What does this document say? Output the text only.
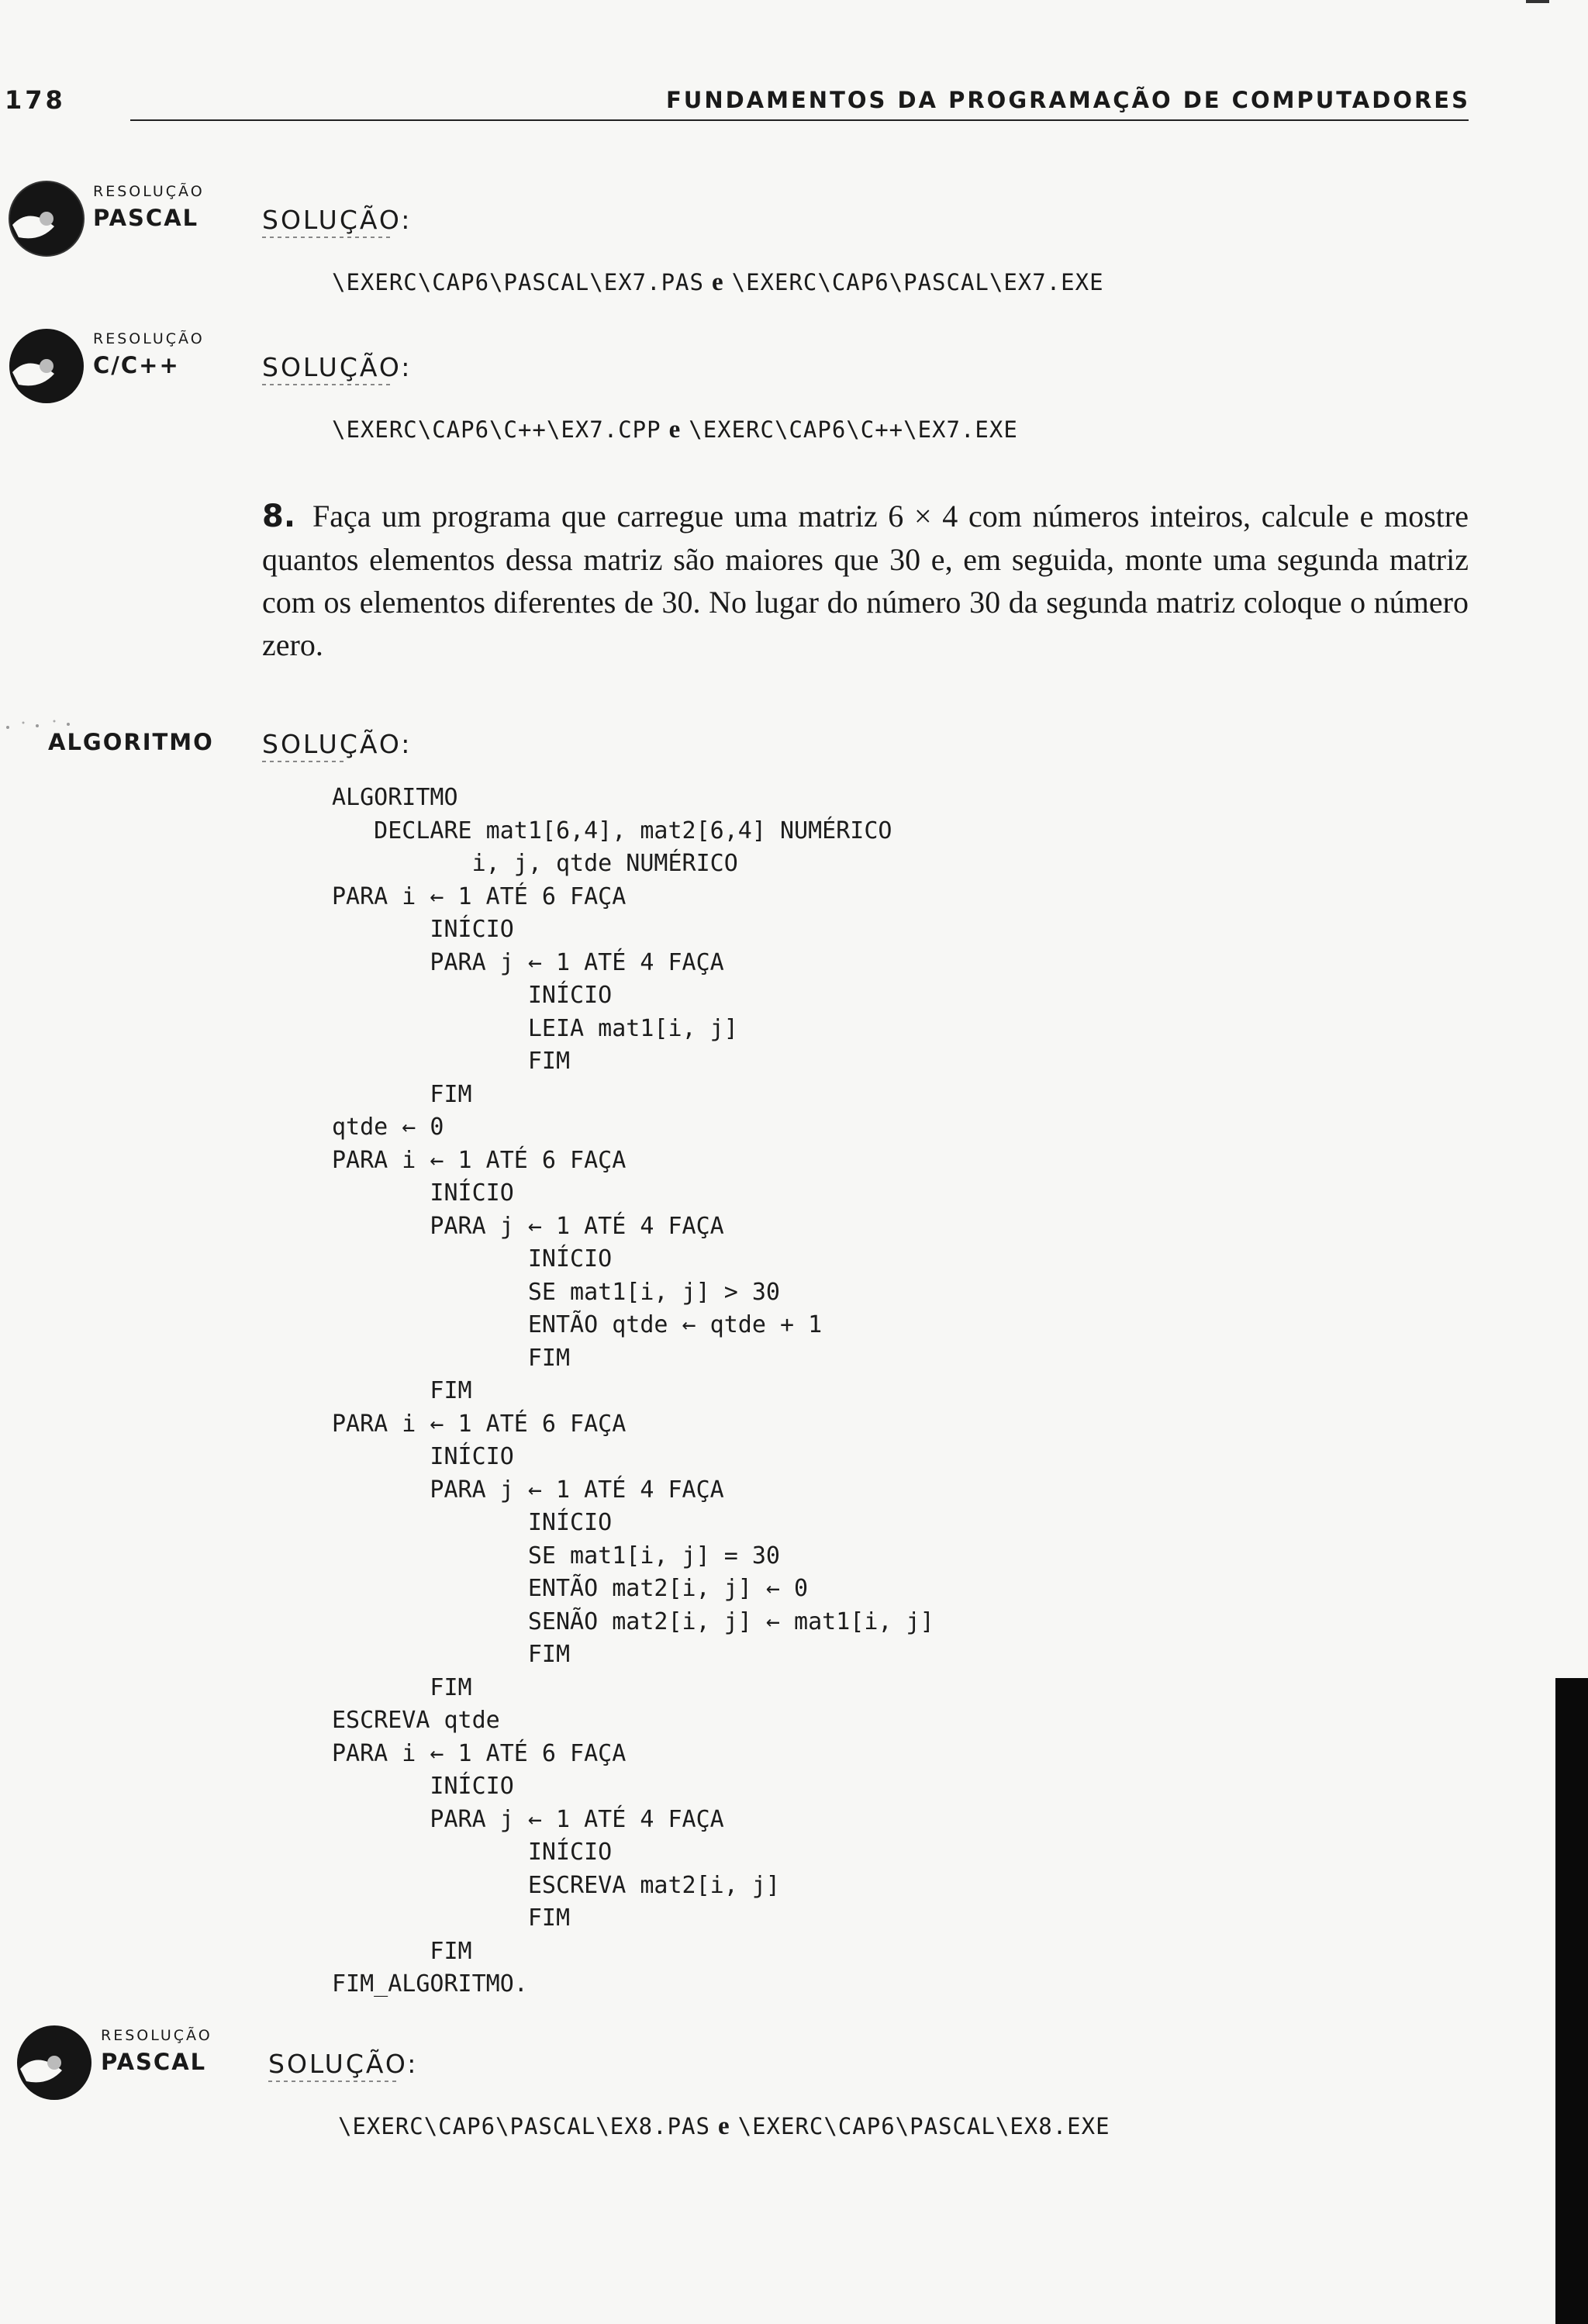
178	FUNDAMENTOS DA PROGRAMAÇÃO DE COMPUTADORES
RESOLUÇÃO
PASCAL SOLUÇÃO:
\EXERC\CAP6\PASCAL\EX7.PAS e \EXERC\CAP6\PASCAL\EX7.EXE
RESOLUÇÃO
C/C++	SOLUÇÃO:
\EXERC\CAP6\C++\EX7.CPP e \EXERC\CAP6\C++\EX7.EXE
8. Faça um programa que carregue uma matriz 6 × 4 com números inteiros, calcule e mostre quantos elementos dessa matriz são maiores que 30 e, em seguida, monte uma segunda matriz com os elementos diferentes de 30. No lugar do número 30 da segunda matriz coloque o número zero.
ALGORITMO SOLUÇÃO:
ALGORITMO
DECLARE mat1[6,4], mat2[6,4] NUMÉRICO
i, j, qtde NUMÉRICO
PARA i ← 1 ATÉ 6 FAÇA
INÍCIO
PARA j ← 1 ATÉ 4 FAÇA
INÍCIO
LEIA mat1[i, j]
FIM
FIM
qtde ← 0
PARA i ← 1 ATÉ 6 FAÇA
INÍCIO
PARA j ← 1 ATÉ 4 FAÇA
INÍCIO
SE mat1[i, j] > 30
ENTÃO qtde ← qtde + 1
FIM
FIM
PARA i ← 1 ATÉ 6 FAÇA
INÍCIO
PARA j ← 1 ATÉ 4 FAÇA
INÍCIO
SE mat1[i, j] = 30
ENTÃO mat2[i, j] ← 0
SENÃO mat2[i, j] ← mat1[i, j]
FIM
FIM
ESCREVA qtde
PARA i ← 1 ATÉ 6 FAÇA
INÍCIO
PARA j ← 1 ATÉ 4 FAÇA
INÍCIO
ESCREVA mat2[i, j]
FIM
FIM
FIM_ALGORITMO.
RESOLUÇÃO
PASCAL SOLUÇÃO:
\EXERC\CAP6\PASCAL\EX8.PAS e \EXERC\CAP6\PASCAL\EX8.EXE
